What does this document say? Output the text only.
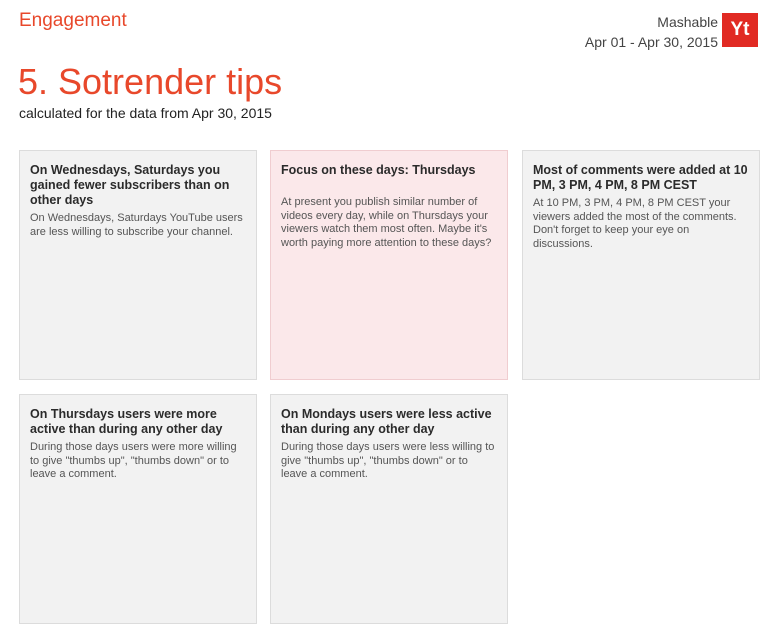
Engagement	Mashable
Apr 01 - Apr 30, 2015
Yt
5. Sotrender tips
calculated for the data from Apr 30, 2015

On Wednesdays, Saturdays you gained fewer subscribers than on other days

On Wednesdays, Saturdays YouTube users are less willing to subscribe your channel.

Focus on these days: Thursdays

At present you publish similar number of videos every day, while on Thursdays your viewers watch them most often. Maybe it's worth paying more attention to these days?

Most of comments were added at 10 PM, 3 PM, 4 PM, 8 PM CEST

At 10 PM, 3 PM, 4 PM, 8 PM CEST your viewers added the most of the comments. Don't forget to keep your eye on discussions.

On Thursdays users were more active than during any other day

During those days users were more willing to give "thumbs up", "thumbs down" or to leave a comment.

On Mondays users were less active than during any other day

During those days users were less willing to give "thumbs up", "thumbs down" or to leave a comment.
